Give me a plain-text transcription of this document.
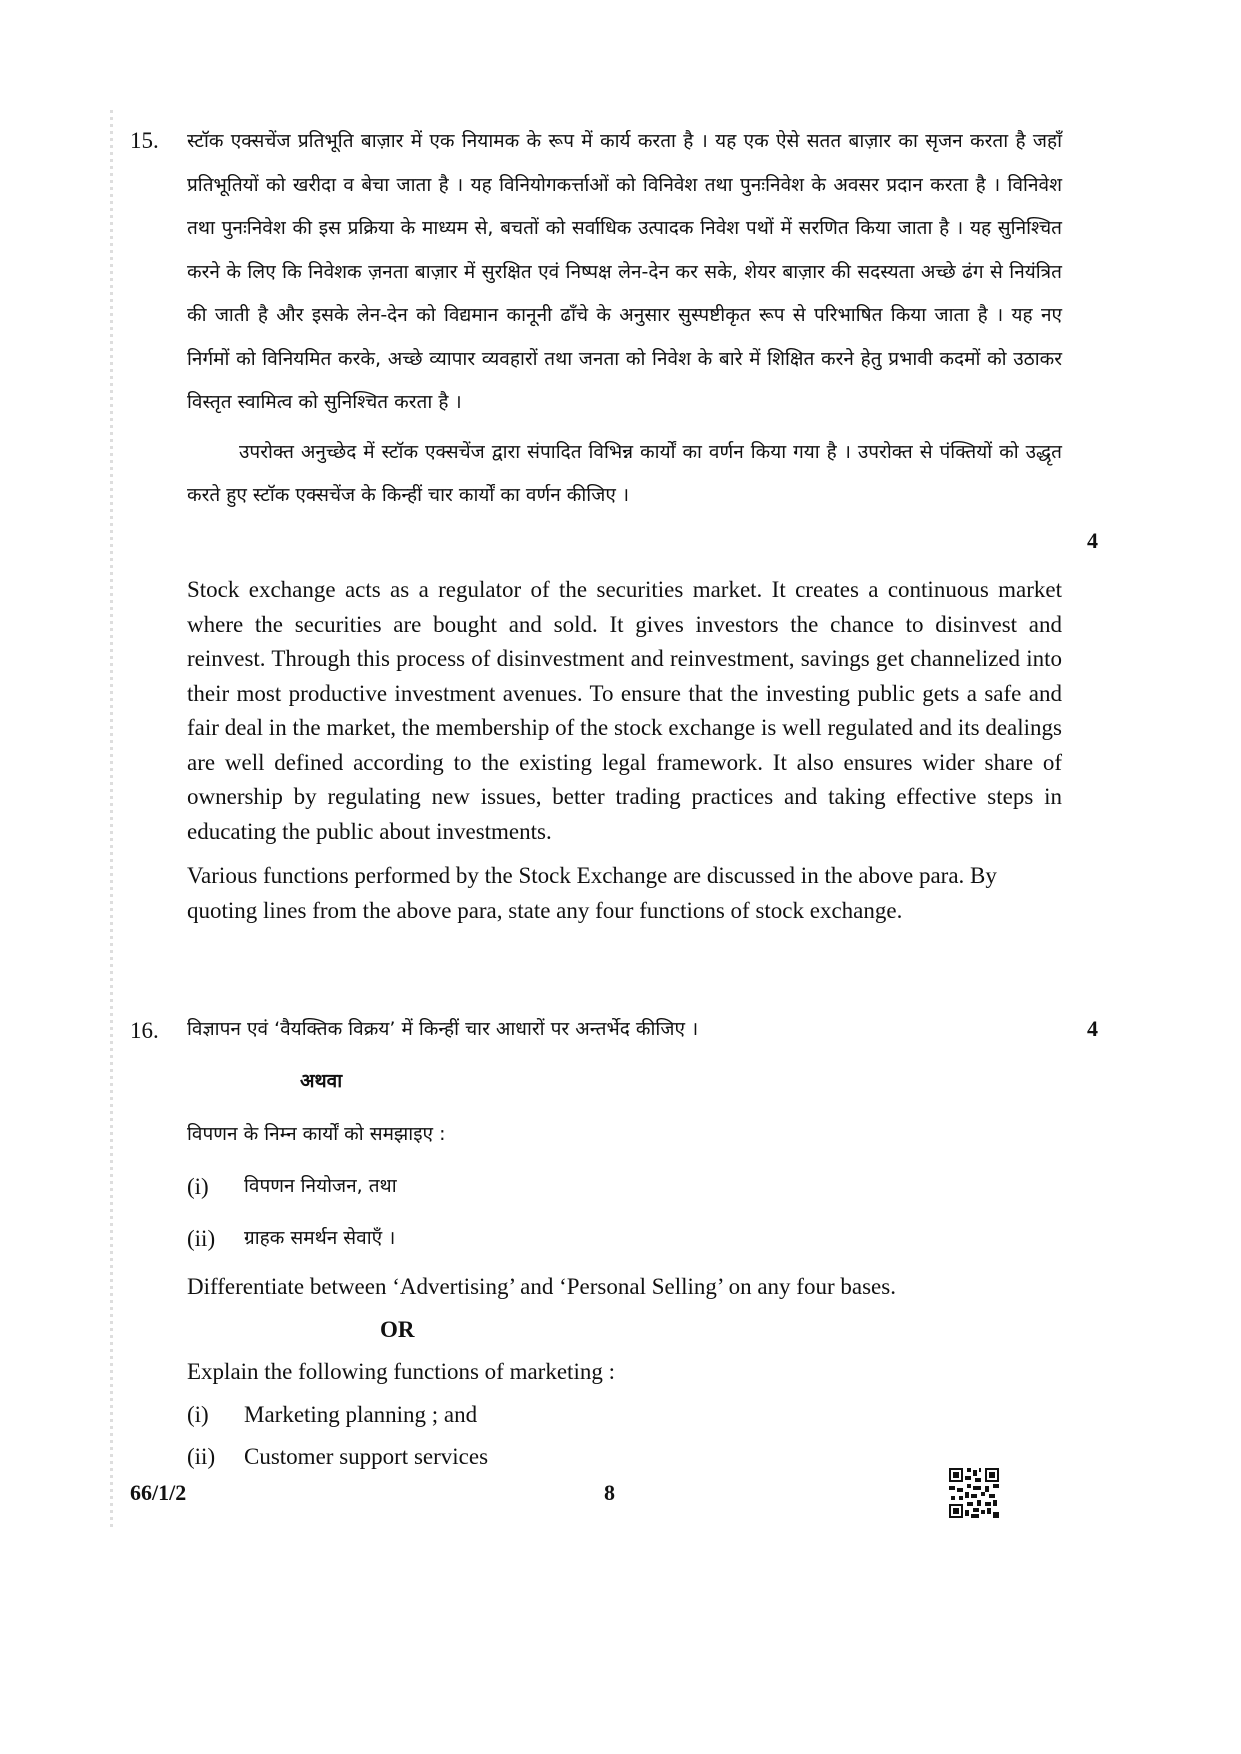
15. स्टॉक एक्सचेंज प्रतिभूति बाज़ार में एक नियामक के रूप में कार्य करता है । यह एक ऐसे सतत बाज़ार का सृजन करता है जहाँ प्रतिभूतियों को खरीदा व बेचा जाता है । यह विनियोगकर्त्ताओं को विनिवेश तथा पुनःनिवेश के अवसर प्रदान करता है । विनिवेश तथा पुनःनिवेश की इस प्रक्रिया के माध्यम से, बचतों को सर्वाधिक उत्पादक निवेश पथों में सरणित किया जाता है । यह सुनिश्चित करने के लिए कि निवेशक ज़नता बाज़ार में सुरक्षित एवं निष्पक्ष लेन-देन कर सके, शेयर बाज़ार की सदस्यता अच्छे ढंग से नियंत्रित की जाती है और इसके लेन-देन को विद्यमान कानूनी ढाँचे के अनुसार सुस्पष्टीकृत रूप से परिभाषित किया जाता है । यह नए निर्गमों को विनियमित करके, अच्छे व्यापार व्यवहारों तथा जनता को निवेश के बारे में शिक्षित करने हेतु प्रभावी कदमों को उठाकर विस्तृत स्वामित्व को सुनिश्चित करता है ।

उपरोक्त अनुच्छेद में स्टॉक एक्सचेंज द्वारा संपादित विभिन्न कार्यों का वर्णन किया गया है । उपरोक्त से पंक्तियों को उद्धृत करते हुए स्टॉक एक्सचेंज के किन्हीं चार कार्यों का वर्णन कीजिए ।

4

Stock exchange acts as a regulator of the securities market. It creates a continuous market where the securities are bought and sold. It gives investors the chance to disinvest and reinvest. Through this process of disinvestment and reinvestment, savings get channelized into their most productive investment avenues. To ensure that the investing public gets a safe and fair deal in the market, the membership of the stock exchange is well regulated and its dealings are well defined according to the existing legal framework. It also ensures wider share of ownership by regulating new issues, better trading practices and taking effective steps in educating the public about investments.

Various functions performed by the Stock Exchange are discussed in the above para. By quoting lines from the above para, state any four functions of stock exchange.

16. विज्ञापन एवं ‘वैयक्तिक विक्रय’ में किन्हीं चार आधारों पर अन्तर्भेद कीजिए ।	4

अथवा

विपणन के निम्न कार्यों को समझाइए :

(i) विपणन नियोजन, तथा
(ii) ग्राहक समर्थन सेवाएँ ।

Differentiate between ‘Advertising’ and ‘Personal Selling’ on any four bases.

OR

Explain the following functions of marketing :

(i) Marketing planning ; and
(ii) Customer support services
66/1/2	8
